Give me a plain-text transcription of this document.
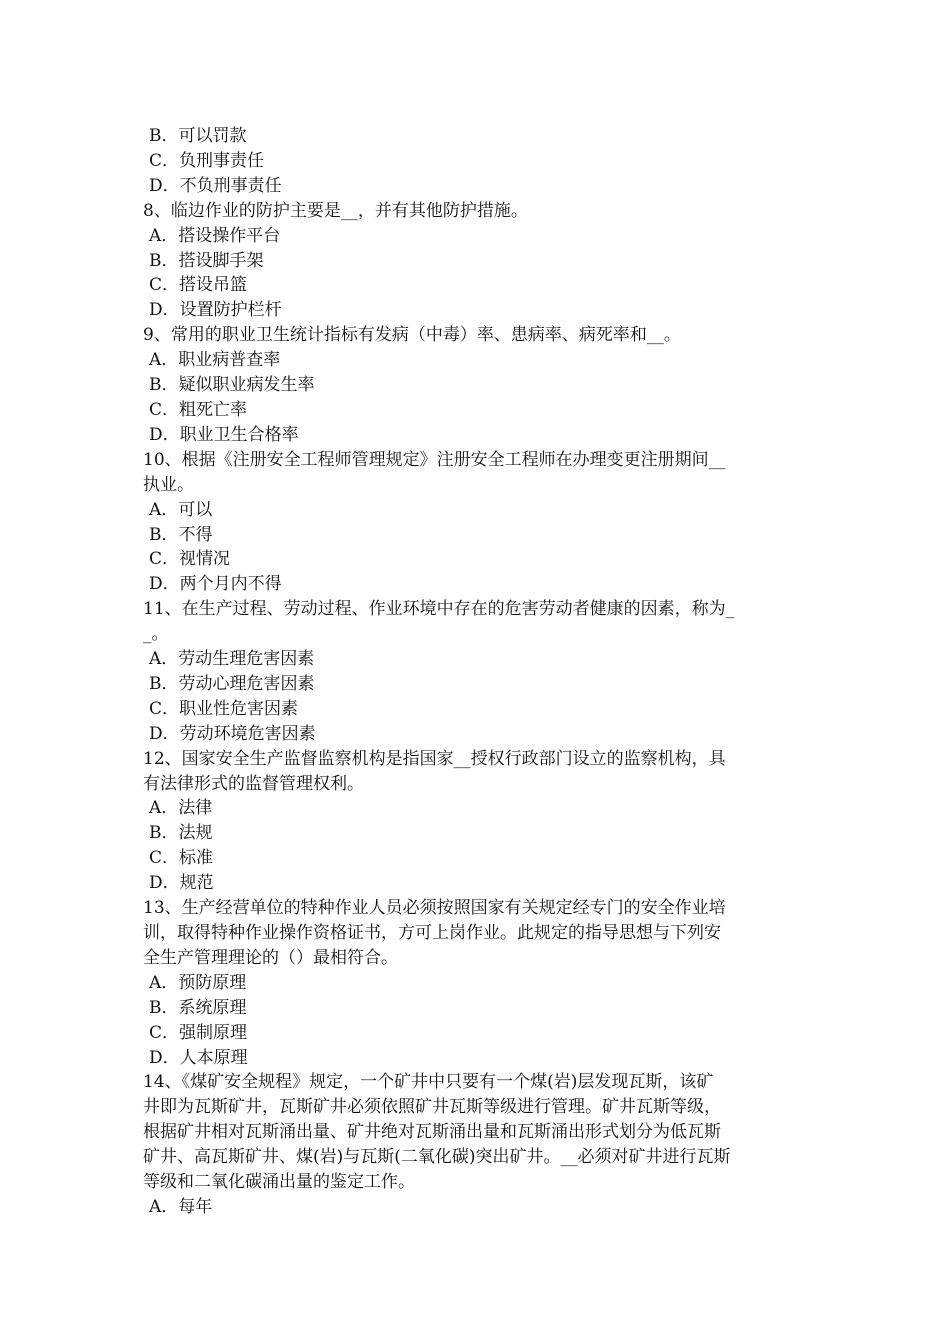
B．可以罚款
C．负刑事责任
D．不负刑事责任
8、临边作业的防护主要是__，并有其他防护措施。
A．搭设操作平台
B．搭设脚手架
C．搭设吊篮
D．设置防护栏杆
9、常用的职业卫生统计指标有发病（中毒）率、患病率、病死率和__。
A．职业病普查率
B．疑似职业病发生率
C．粗死亡率
D．职业卫生合格率
10、根据《注册安全工程师管理规定》注册安全工程师在办理变更注册期间__
执业。
A．可以
B．不得
C．视情况
D．两个月内不得
11、在生产过程、劳动过程、作业环境中存在的危害劳动者健康的因素，称为_
_。
A．劳动生理危害因素
B．劳动心理危害因素
C．职业性危害因素
D．劳动环境危害因素
12、国家安全生产监督监察机构是指国家__授权行政部门设立的监察机构，具
有法律形式的监督管理权利。
A．法律
B．法规
C．标准
D．规范
13、生产经营单位的特种作业人员必须按照国家有关规定经专门的安全作业培
训，取得特种作业操作资格证书，方可上岗作业。此规定的指导思想与下列安
全生产管理理论的（）最相符合。
A．预防原理
B．系统原理
C．强制原理
D．人本原理
14、《煤矿安全规程》规定，一个矿井中只要有一个煤(岩)层发现瓦斯，该矿
井即为瓦斯矿井，瓦斯矿井必须依照矿井瓦斯等级进行管理。矿井瓦斯等级，
根据矿井相对瓦斯涌出量、矿井绝对瓦斯涌出量和瓦斯涌出形式划分为低瓦斯
矿井、高瓦斯矿井、煤(岩)与瓦斯(二氧化碳)突出矿井。__必须对矿井进行瓦斯
等级和二氧化碳涌出量的鉴定工作。
A．每年
